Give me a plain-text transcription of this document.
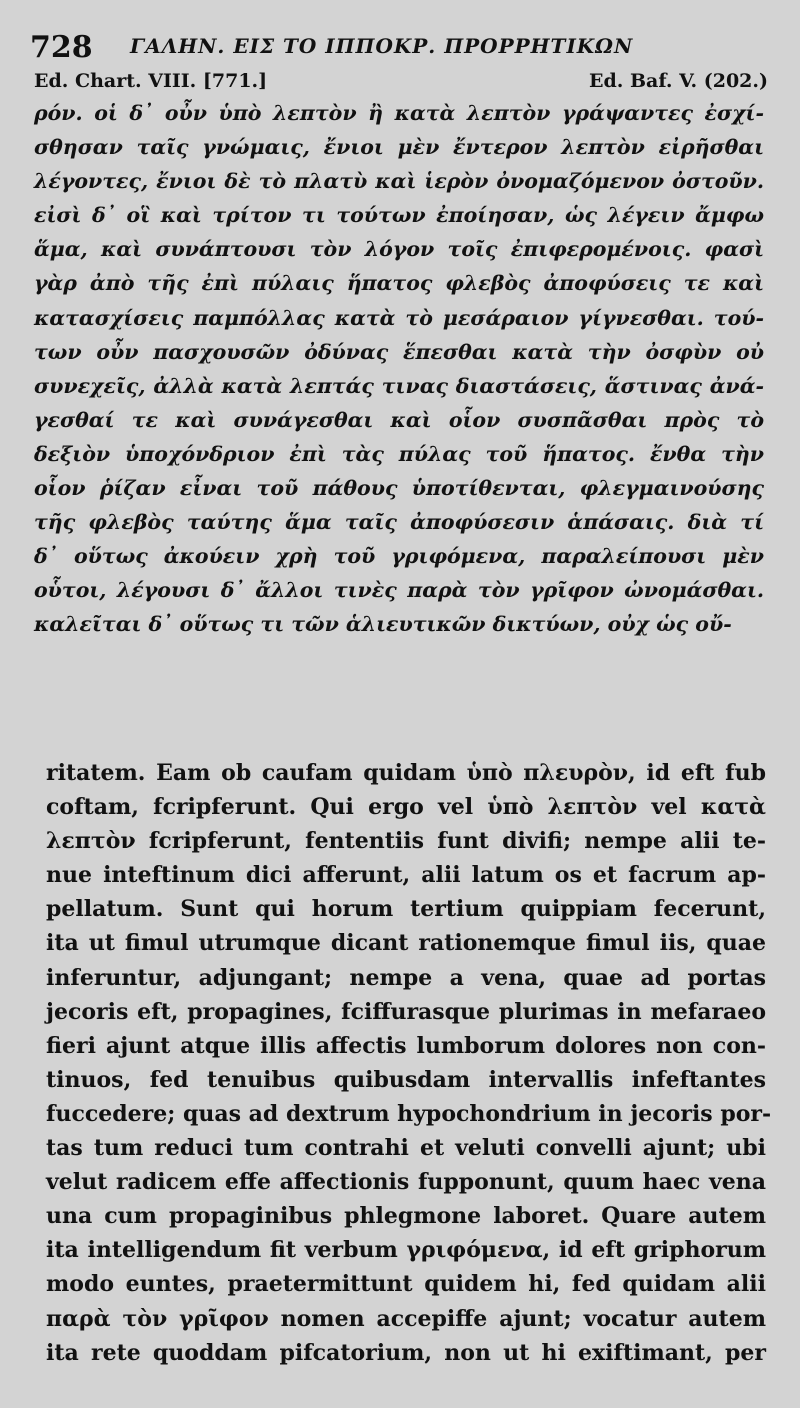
728 ΓΑΛΗΝ. ΕΙΣ ΤΟ ΙΠΠΟΚΡ. ΠΡΟΡΡΗΤΙΚΩΝ
Ed. Chart. VIII. [771.]	Ed. Baf. V. (202.)
ρόν. οἱ δ᾽ οὖν ὑπὸ λεπτὸν ἢ κατὰ λεπτὸν γράψαντες ἐσχί-
σθησαν ταῖς γνώμαις, ἔνιοι μὲν ἔντερον λεπτὸν εἰρῆσθαι
λέγοντες, ἔνιοι δὲ τὸ πλατὺ καὶ ἱερὸν ὀνομαζόμενον ὀστοῦν.
εἰσὶ δ᾽ οἳ καὶ τρίτον τι τούτων ἐποίησαν, ὡς λέγειν ἄμφω
ἅμα, καὶ συνάπτουσι τὸν λόγον τοῖς ἐπιφερομένοις. φασὶ
γὰρ ἀπὸ τῆς ἐπὶ πύλαις ἥπατος φλεβὸς ἀποφύσεις τε καὶ
κατασχίσεις παμπόλλας κατὰ τὸ μεσάραιον γίγνεσθαι. τού-
των οὖν πασχουσῶν ὀδύνας ἕπεσθαι κατὰ τὴν ὀσφὺν οὐ
συνεχεῖς, ἀλλὰ κατὰ λεπτάς τινας διαστάσεις, ἅστινας ἀνά-
γεσθαί τε καὶ συνάγεσθαι καὶ οἷον συσπᾶσθαι πρὸς τὸ
δεξιὸν ὑποχόνδριον ἐπὶ τὰς πύλας τοῦ ἥπατος. ἔνθα τὴν
οἷον ῥίζαν εἶναι τοῦ πάθους ὑποτίθενται, φλεγμαινούσης
τῆς φλεβὸς ταύτης ἅμα ταῖς ἀποφύσεσιν ἁπάσαις. διὰ τί
δ᾽ οὕτως ἀκούειν χρὴ τοῦ γριφόμενα, παραλείπουσι μὲν
οὗτοι, λέγουσι δ᾽ ἄλλοι τινὲς παρὰ τὸν γρῖφον ὠνομάσθαι.
καλεῖται δ᾽ οὕτως τι τῶν ἁλιευτικῶν δικτύων, οὐχ ὡς οὔ-
ritatem. Eam ob caufam quidam ὑπὸ πλευρὸν, id eft fub
coftam, fcripferunt. Qui ergo vel ὑπὸ λεπτὸν vel κατὰ
λεπτὸν fcripferunt, fententiis funt divifi; nempe alii te-
nue inteftinum dici afferunt, alii latum os et facrum ap-
pellatum. Sunt qui horum tertium quippiam fecerunt,
ita ut fimul utrumque dicant rationemque fimul iis, quae
inferuntur, adjungant; nempe a vena, quae ad portas
jecoris eft, propagines, fciffurasque plurimas in mefaraeo
fieri ajunt atque illis affectis lumborum dolores non con-
tinuos, fed tenuibus quibusdam intervallis infeftantes
fuccedere; quas ad dextrum hypochondrium in jecoris por-
tas tum reduci tum contrahi et veluti convelli ajunt; ubi
velut radicem effe affectionis fupponunt, quum haec vena
una cum propaginibus phlegmone laboret. Quare autem
ita intelligendum fit verbum γριφόμενα, id eft griphorum
modo euntes, praetermittunt quidem hi, fed quidam alii
παρὰ τὸν γρῖφον nomen accepiffe ajunt; vocatur autem
ita rete quoddam pifcatorium, non ut hi exiftimant, per
